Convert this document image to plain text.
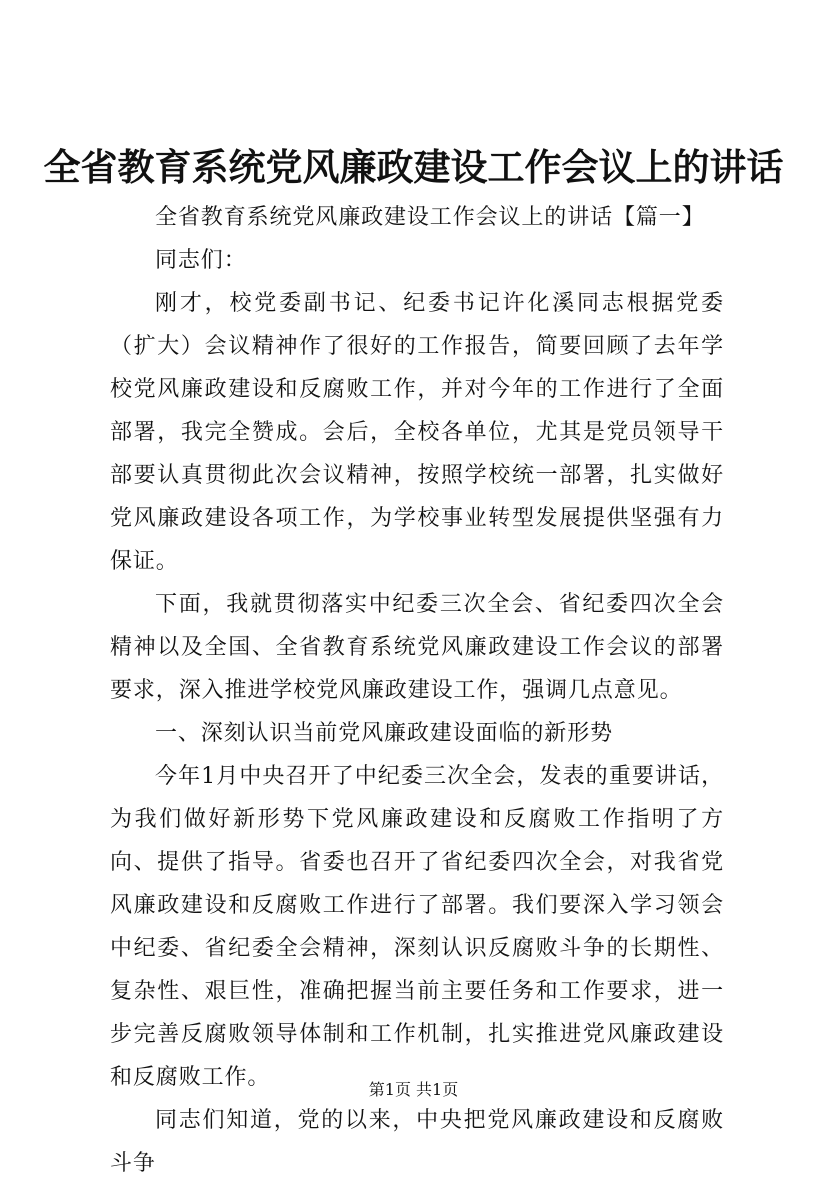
全省教育系统党风廉政建设工作会议上的讲话

全省教育系统党风廉政建设工作会议上的讲话【篇一】

同志们：

刚才，校党委副书记、纪委书记许化溪同志根据党委（扩大）会议精神作了很好的工作报告，简要回顾了去年学校党风廉政建设和反腐败工作，并对今年的工作进行了全面部署，我完全赞成。会后，全校各单位，尤其是党员领导干部要认真贯彻此次会议精神，按照学校统一部署，扎实做好党风廉政建设各项工作，为学校事业转型发展提供坚强有力保证。

下面，我就贯彻落实中纪委三次全会、省纪委四次全会精神以及全国、全省教育系统党风廉政建设工作会议的部署要求，深入推进学校党风廉政建设工作，强调几点意见。

一、深刻认识当前党风廉政建设面临的新形势

今年1月中央召开了中纪委三次全会，发表的重要讲话，为我们做好新形势下党风廉政建设和反腐败工作指明了方向、提供了指导。省委也召开了省纪委四次全会，对我省党风廉政建设和反腐败工作进行了部署。我们要深入学习领会中纪委、省纪委全会精神，深刻认识反腐败斗争的长期性、复杂性、艰巨性，准确把握当前主要任务和工作要求，进一步完善反腐败领导体制和工作机制，扎实推进党风廉政建设和反腐败工作。

同志们知道，党的以来，中央把党风廉政建设和反腐败斗争

第1页 共1页
